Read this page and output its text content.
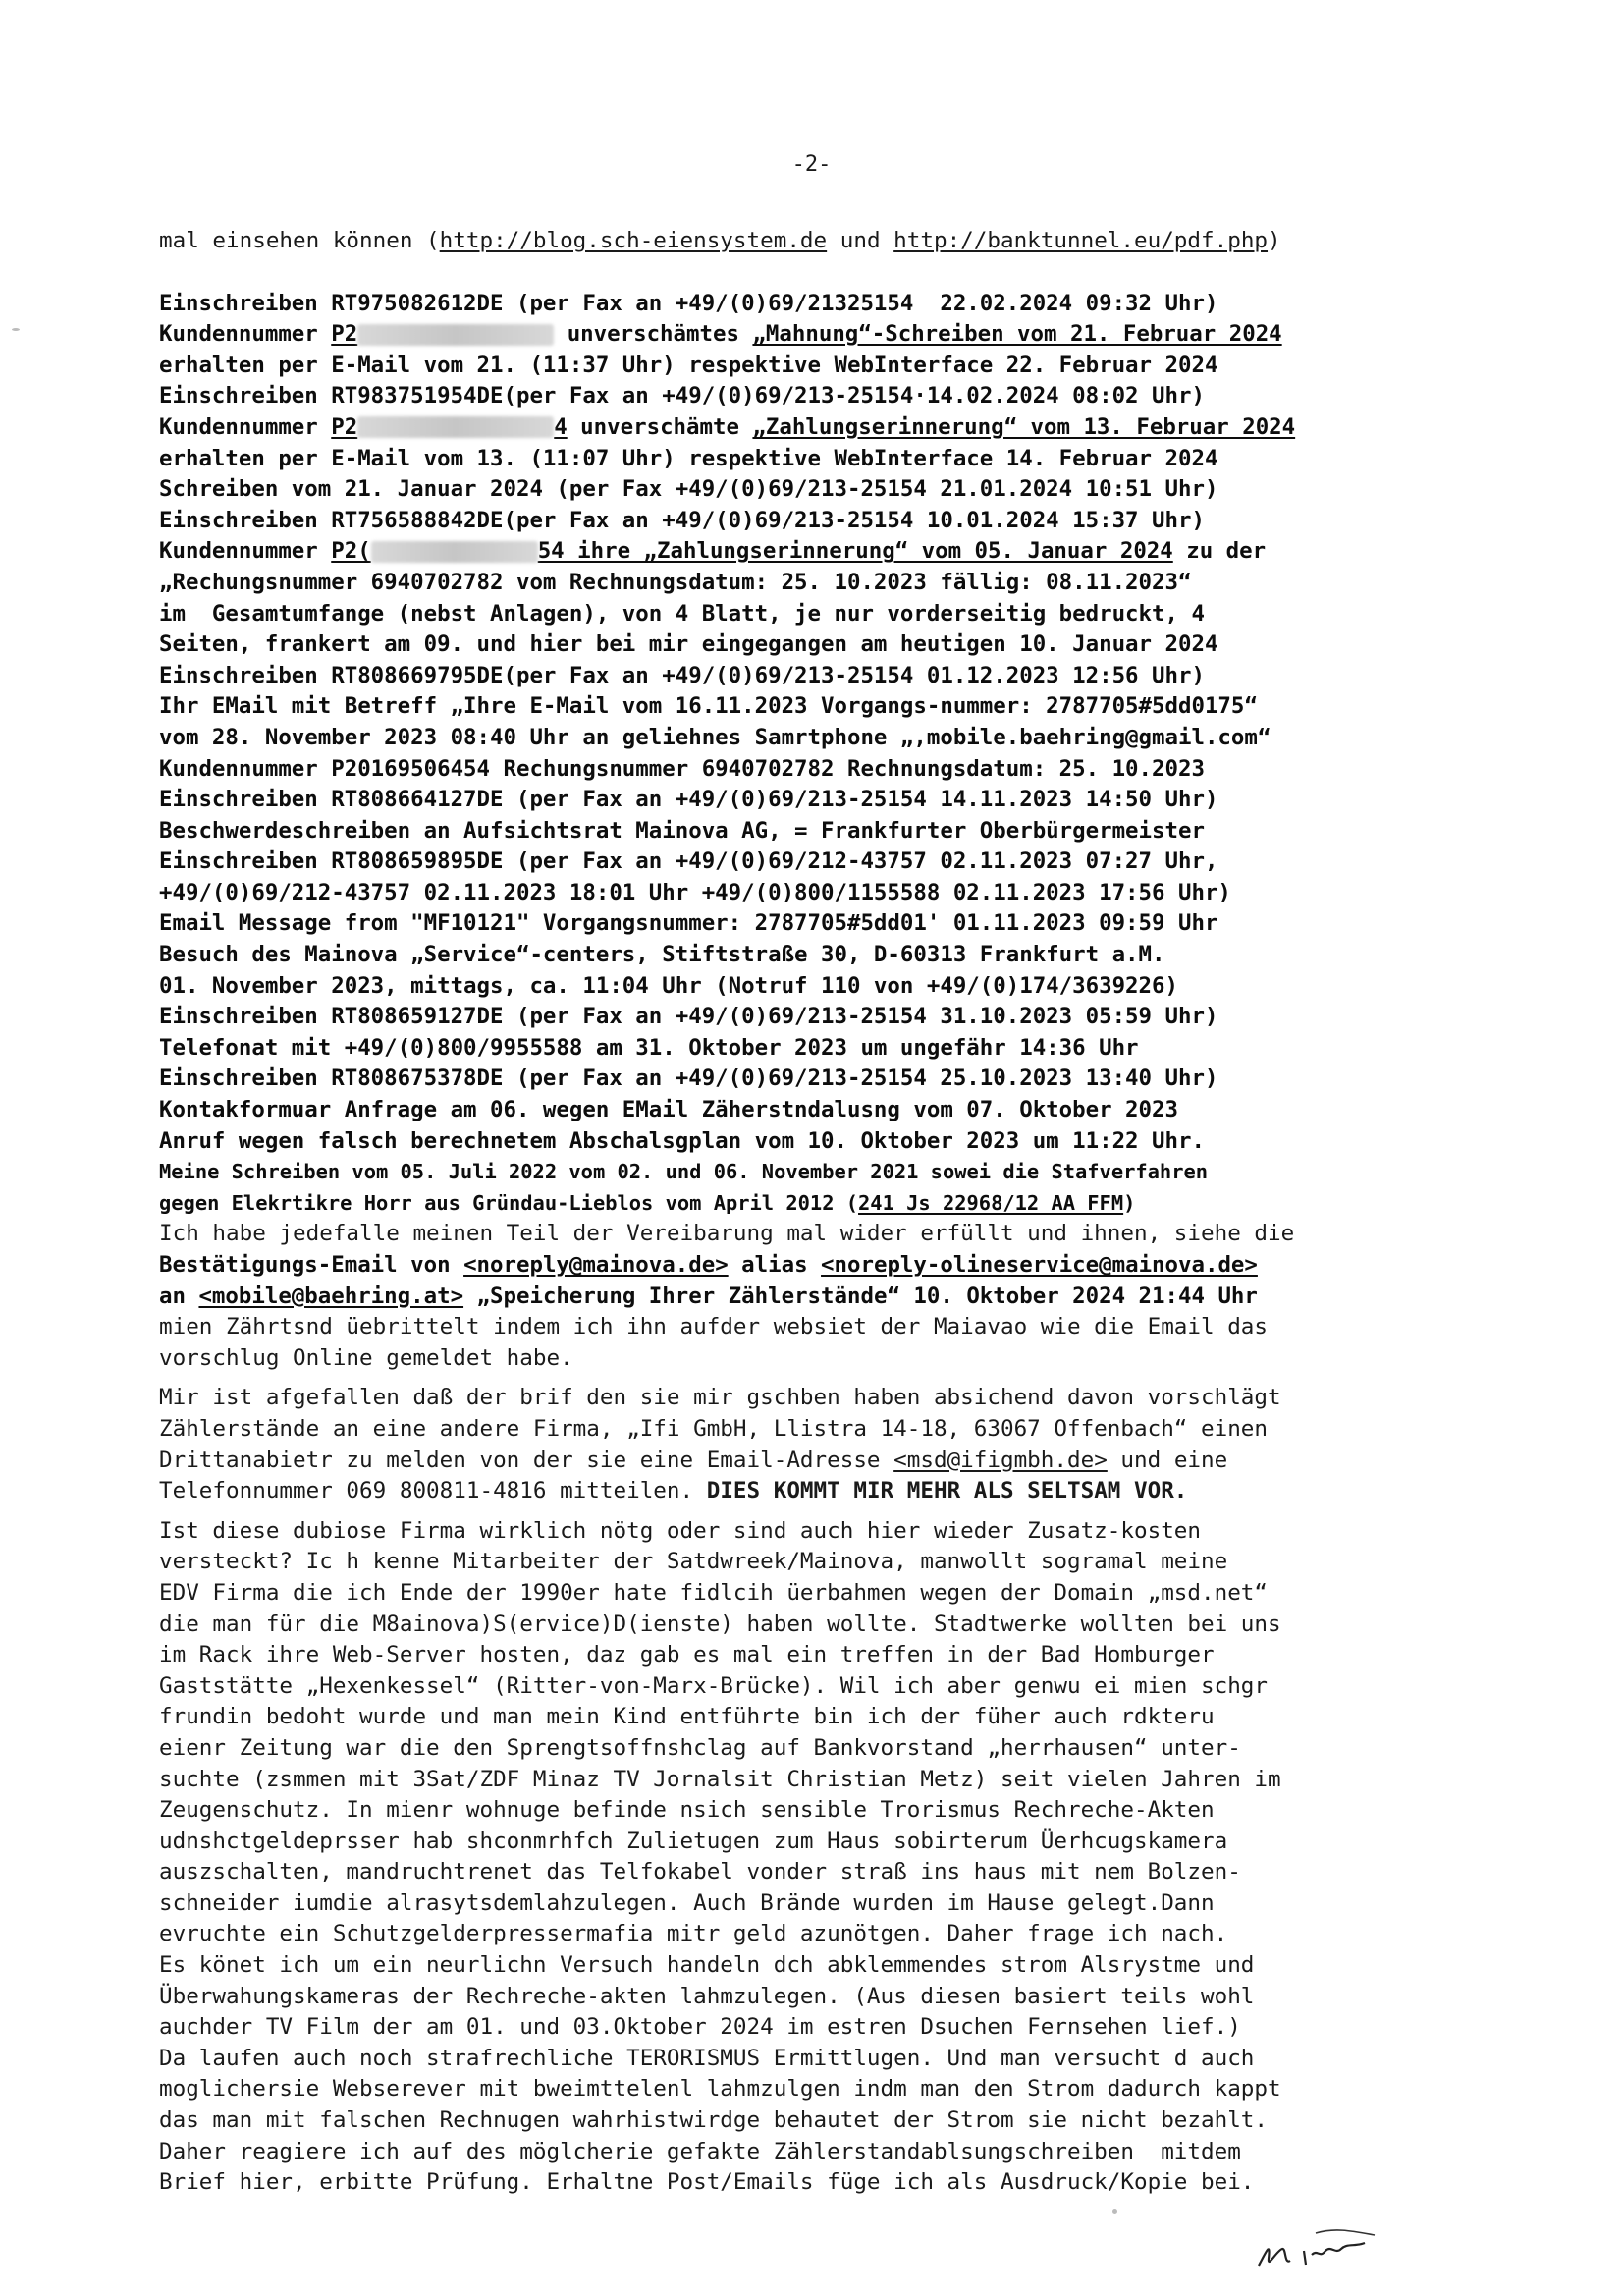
-2-
mal einsehen können (http://blog.sch-eiensystem.de und http://banktunnel.eu/pdf.php)
Einschreiben RT975082612DE (per Fax an +49/(0)69/21325154  22.02.2024 09:32 Uhr)
Kundennummer P2	unverschämtes „Mahnung“-Schreiben vom 21. Februar 2024
erhalten per E-Mail vom 21. (11:37 Uhr) respektive WebInterface 22. Februar 2024
Einschreiben RT983751954DE(per Fax an +49/(0)69/213-25154·14.02.2024 08:02 Uhr)
Kundennummer P2	4 unverschämte „Zahlungserinnerung“ vom 13. Februar 2024
erhalten per E-Mail vom 13. (11:07 Uhr) respektive WebInterface 14. Februar 2024
Schreiben vom 21. Januar 2024 (per Fax +49/(0)69/213-25154 21.01.2024 10:51 Uhr)
Einschreiben RT756588842DE(per Fax an +49/(0)69/213-25154 10.01.2024 15:37 Uhr)
Kundennummer P2(	54 ihre „Zahlungserinnerung“ vom 05. Januar 2024 zu der
„Rechungsnummer 6940702782 vom Rechnungsdatum: 25. 10.2023 fällig: 08.11.2023“
im  Gesamtumfange (nebst Anlagen), von 4 Blatt, je nur vorderseitig bedruckt, 4
Seiten, frankert am 09. und hier bei mir eingegangen am heutigen 10. Januar 2024
Einschreiben RT808669795DE(per Fax an +49/(0)69/213-25154 01.12.2023 12:56 Uhr)
Ihr EMail mit Betreff „Ihre E-Mail vom 16.11.2023 Vorgangs-nummer: 2787705#5dd0175“
vom 28. November 2023 08:40 Uhr an geliehnes Samrtphone „,mobile.baehring@gmail.com“
Kundennummer P20169506454 Rechungsnummer 6940702782 Rechnungsdatum: 25. 10.2023
Einschreiben RT808664127DE (per Fax an +49/(0)69/213-25154 14.11.2023 14:50 Uhr)
Beschwerdeschreiben an Aufsichtsrat Mainova AG, = Frankfurter Oberbürgermeister
Einschreiben RT808659895DE (per Fax an +49/(0)69/212-43757 02.11.2023 07:27 Uhr,
+49/(0)69/212-43757 02.11.2023 18:01 Uhr +49/(0)800/1155588 02.11.2023 17:56 Uhr)
Email Message from "MF10121" Vorgangsnummer: 2787705#5dd01' 01.11.2023 09:59 Uhr
Besuch des Mainova „Service“-centers, Stiftstraße 30, D-60313 Frankfurt a.M.
01. November 2023, mittags, ca. 11:04 Uhr (Notruf 110 von +49/(0)174/3639226)
Einschreiben RT808659127DE (per Fax an +49/(0)69/213-25154 31.10.2023 05:59 Uhr)
Telefonat mit +49/(0)800/9955588 am 31. Oktober 2023 um ungefähr 14:36 Uhr
Einschreiben RT808675378DE (per Fax an +49/(0)69/213-25154 25.10.2023 13:40 Uhr)
Kontakformuar Anfrage am 06. wegen EMail Zäherstndalusng vom 07. Oktober 2023
Anruf wegen falsch berechnetem Abschalsgplan vom 10. Oktober 2023 um 11:22 Uhr.
Meine Schreiben vom 05. Juli 2022 vom 02. und 06. November 2021 sowei die Stafverfahren
gegen Elekrtikre Horr aus Gründau-Lieblos vom April 2012 (241 Js 22968/12 AA FFM)
Ich habe jedefalle meinen Teil der Vereibarung mal wider erfüllt und ihnen, siehe die
Bestätigungs-Email von <noreply@mainova.de> alias <noreply-olineservice@mainova.de>
an <mobile@baehring.at> „Speicherung Ihrer Zählerstände“ 10. Oktober 2024 21:44 Uhr
mien Zährtsnd üebrittelt indem ich ihn aufder websiet der Maiavao wie die Email das
vorschlug Online gemeldet habe.
Mir ist afgefallen daß der brif den sie mir gschben haben absichend davon vorschlägt
Zählerstände an eine andere Firma, „Ifi GmbH, Llistra 14-18, 63067 Offenbach“ einen
Drittanabietr zu melden von der sie eine Email-Adresse <msd@ifigmbh.de> und eine
Telefonnummer 069 800811-4816 mitteilen. DIES KOMMT MIR MEHR ALS SELTSAM VOR.
Ist diese dubiose Firma wirklich nötg oder sind auch hier wieder Zusatz-kosten
versteckt? Ic h kenne Mitarbeiter der Satdwreek/Mainova, manwollt sogramal meine
EDV Firma die ich Ende der 1990er hate fidlcih üerbahmen wegen der Domain „msd.net“
die man für die M8ainova)S(ervice)D(ienste) haben wollte. Stadtwerke wollten bei uns
im Rack ihre Web-Server hosten, daz gab es mal ein treffen in der Bad Homburger
Gaststätte „Hexenkessel“ (Ritter-von-Marx-Brücke). Wil ich aber genwu ei mien schgr
frundin bedoht wurde und man mein Kind entführte bin ich der füher auch rdkteru
eienr Zeitung war die den Sprengtsoffnshclag auf Bankvorstand „herrhausen“ unter-
suchte (zsmmen mit 3Sat/ZDF Minaz TV Jornalsit Christian Metz) seit vielen Jahren im
Zeugenschutz. In mienr wohnuge befinde nsich sensible Trorismus Rechreche-Akten
udnshctgeldeprsser hab shconmrhfch Zulietugen zum Haus sobirterum Üerhcugskamera
auszschalten, mandruchtrenet das Telfokabel vonder straß ins haus mit nem Bolzen-
schneider iumdie alrasytsdemlahzulegen. Auch Brände wurden im Hause gelegt.Dann
evruchte ein Schutzgelderpressermafia mitr geld azunötgen. Daher frage ich nach.
Es könet ich um ein neurlichn Versuch handeln dch abklemmendes strom Alsrystme und
Überwahungskameras der Rechreche-akten lahmzulegen. (Aus diesen basiert teils wohl
auchder TV Film der am 01. und 03.Oktober 2024 im estren Dsuchen Fernsehen lief.)
Da laufen auch noch strafrechliche TERORISMUS Ermittlugen. Und man versucht d auch
moglichersie Webserever mit bweimttelenl lahmzulgen indm man den Strom dadurch kappt
das man mit falschen Rechnugen wahrhistwirdge behautet der Strom sie nicht bezahlt.
Daher reagiere ich auf des möglcherie gefakte Zählerstandablsungschreiben  mitdem
Brief hier, erbitte Prüfung. Erhaltne Post/Emails füge ich als Ausdruck/Kopie bei.
